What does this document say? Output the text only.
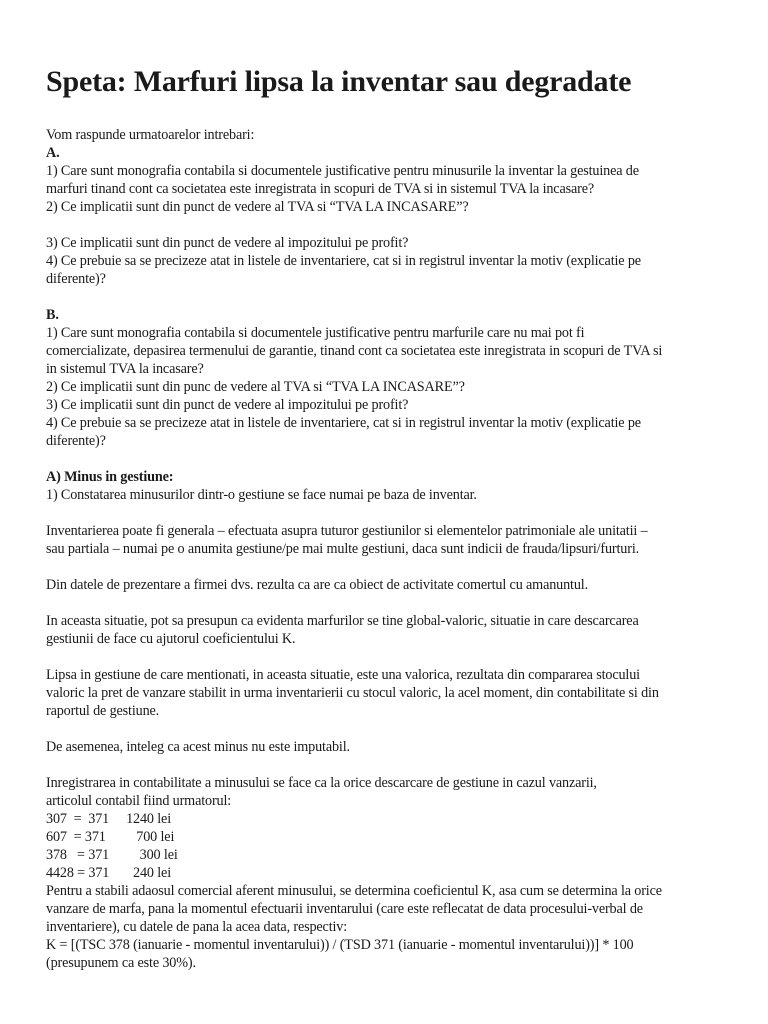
Speta: Marfuri lipsa la inventar sau degradate
Vom raspunde urmatoarelor intrebari:
A.
1) Care sunt monografia contabila si documentele justificative pentru minusurile la inventar la gestuinea de
marfuri tinand cont ca societatea este inregistrata in scopuri de TVA si in sistemul TVA la incasare?
2) Ce implicatii sunt din punct de vedere al TVA si “TVA LA INCASARE”?
3) Ce implicatii sunt din punct de vedere al impozitului pe profit?
4) Ce prebuie sa se precizeze atat in listele de inventariere, cat si in registrul inventar la motiv (explicatie pe
diferente)?
B.
1) Care sunt monografia contabila si documentele justificative pentru marfurile care nu mai pot fi
comercializate, depasirea termenului de garantie, tinand cont ca societatea este inregistrata in scopuri de TVA si
in sistemul TVA la incasare?
2) Ce implicatii sunt din punc de vedere al TVA si “TVA LA INCASARE”?
3) Ce implicatii sunt din punct de vedere al impozitului pe profit?
4) Ce prebuie sa se precizeze atat in listele de inventariere, cat si in registrul inventar la motiv (explicatie pe
diferente)?
A) Minus in gestiune:
1) Constatarea minusurilor dintr-o gestiune se face numai pe baza de inventar.
Inventarierea poate fi generala – efectuata asupra tuturor gestiunilor si elementelor patrimoniale ale unitatii –
sau partiala – numai pe o anumita gestiune/pe mai multe gestiuni, daca sunt indicii de frauda/lipsuri/furturi.
Din datele de prezentare a firmei dvs. rezulta ca are ca obiect de activitate comertul cu amanuntul.
In aceasta situatie, pot sa presupun ca evidenta marfurilor se tine global-valoric, situatie in care descarcarea
gestiunii de face cu ajutorul coeficientului K.
Lipsa in gestiune de care mentionati, in aceasta situatie, este una valorica, rezultata din compararea stocului
valoric la pret de vanzare stabilit in urma inventarierii cu stocul valoric, la acel moment, din contabilitate si din
raportul de gestiune.
De asemenea, inteleg ca acest minus nu este imputabil.
Inregistrarea in contabilitate a minusului se face ca la orice descarcare de gestiune in cazul vanzarii,
articolul contabil fiind urmatorul:
307  =  371     1240 lei
607  = 371         700 lei
378   = 371         300 lei
4428 = 371       240 lei
Pentru a stabili adaosul comercial aferent minusului, se determina coeficientul K, asa cum se determina la orice
vanzare de marfa, pana la momentul efectuarii inventarului (care este reflecatat de data procesului-verbal de
inventariere), cu datele de pana la acea data, respectiv:
K = [(TSC 378 (ianuarie - momentul inventarului)) / (TSD 371 (ianuarie - momentul inventarului))] * 100
(presupunem ca este 30%).
